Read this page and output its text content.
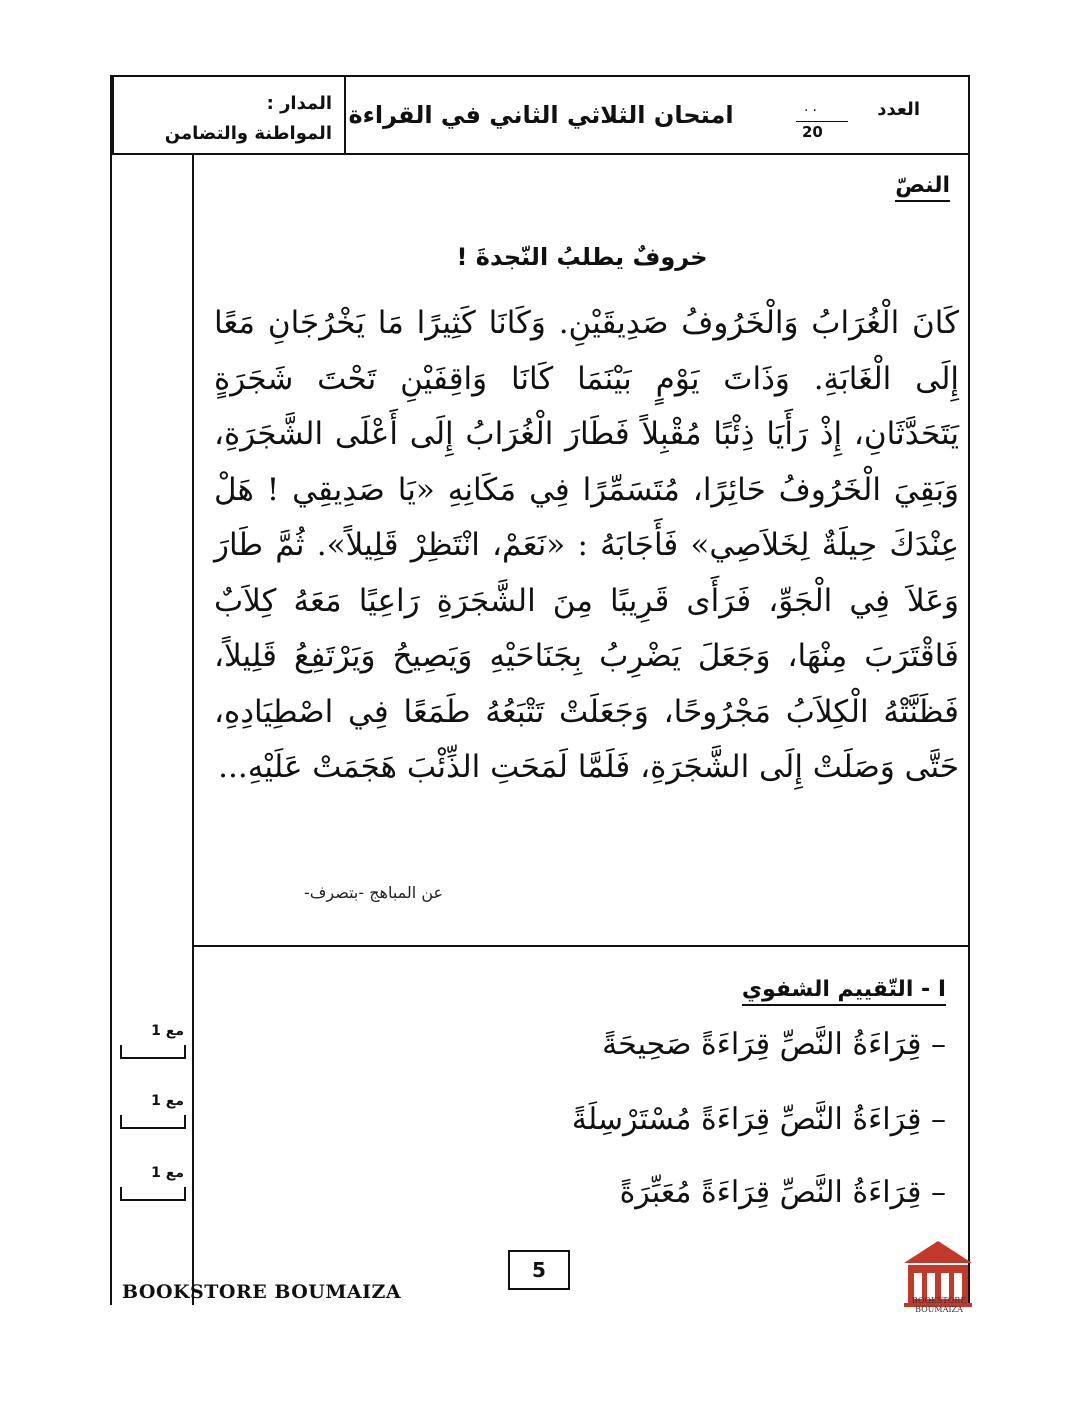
المدار :
المواطنة والتضامن
امتحان الثلاثي الثاني في القراءة	العدد
..
20
النصّ
خروفٌ يطلبُ النّجدةَ !
كَانَ الْغُرَابُ وَالْخَرُوفُ صَدِيقَيْنِ. وَكَانَا كَثِيرًا مَا يَخْرُجَانِ مَعًا إِلَى الْغَابَةِ. وَذَاتَ يَوْمٍ بَيْنَمَا كَانَا وَاقِفَيْنِ تَحْتَ شَجَرَةٍ يَتَحَدَّثَانِ، إِذْ رَأَيَا ذِئْبًا مُقْبِلاً فَطَارَ الْغُرَابُ إِلَى أَعْلَى الشَّجَرَةِ، وَبَقِيَ الْخَرُوفُ حَائِرًا، مُتَسَمِّرًا فِي مَكَانِهِ «يَا صَدِيقِي ! هَلْ عِنْدَكَ حِيلَةٌ لِخَلاَصِي» فَأَجَابَهُ : «نَعَمْ، انْتَظِرْ قَلِيلاً». ثُمَّ طَارَ وَعَلاَ فِي الْجَوِّ، فَرَأَى قَرِيبًا مِنَ الشَّجَرَةِ رَاعِيًا مَعَهُ كِلاَبٌ فَاقْتَرَبَ مِنْهَا، وَجَعَلَ يَضْرِبُ بِجَنَاحَيْهِ وَيَصِيحُ وَيَرْتَفِعُ قَلِيلاً، فَظَنَّتْهُ الْكِلاَبُ مَجْرُوحًا، وَجَعَلَتْ تَتْبَعُهُ طَمَعًا فِي اصْطِيَادِهِ، حَتَّى وَصَلَتْ إِلَى الشَّجَرَةِ، فَلَمَّا لَمَحَتِ الذِّئْبَ هَجَمَتْ عَلَيْهِ...
عن المباهج -بتصرف-
I - التّقييم الشفوي
– قِرَاءَةُ النَّصِّ قِرَاءَةً صَحِيحَةً
– قِرَاءَةُ النَّصِّ قِرَاءَةً مُسْتَرْسِلَةً
– قِرَاءَةُ النَّصِّ قِرَاءَةً مُعَبِّرَةً
مع 1
مع 1
مع 1
5
BOOKSTORE BOUMAIZA	BOOKSTORE BOUMAIZA
